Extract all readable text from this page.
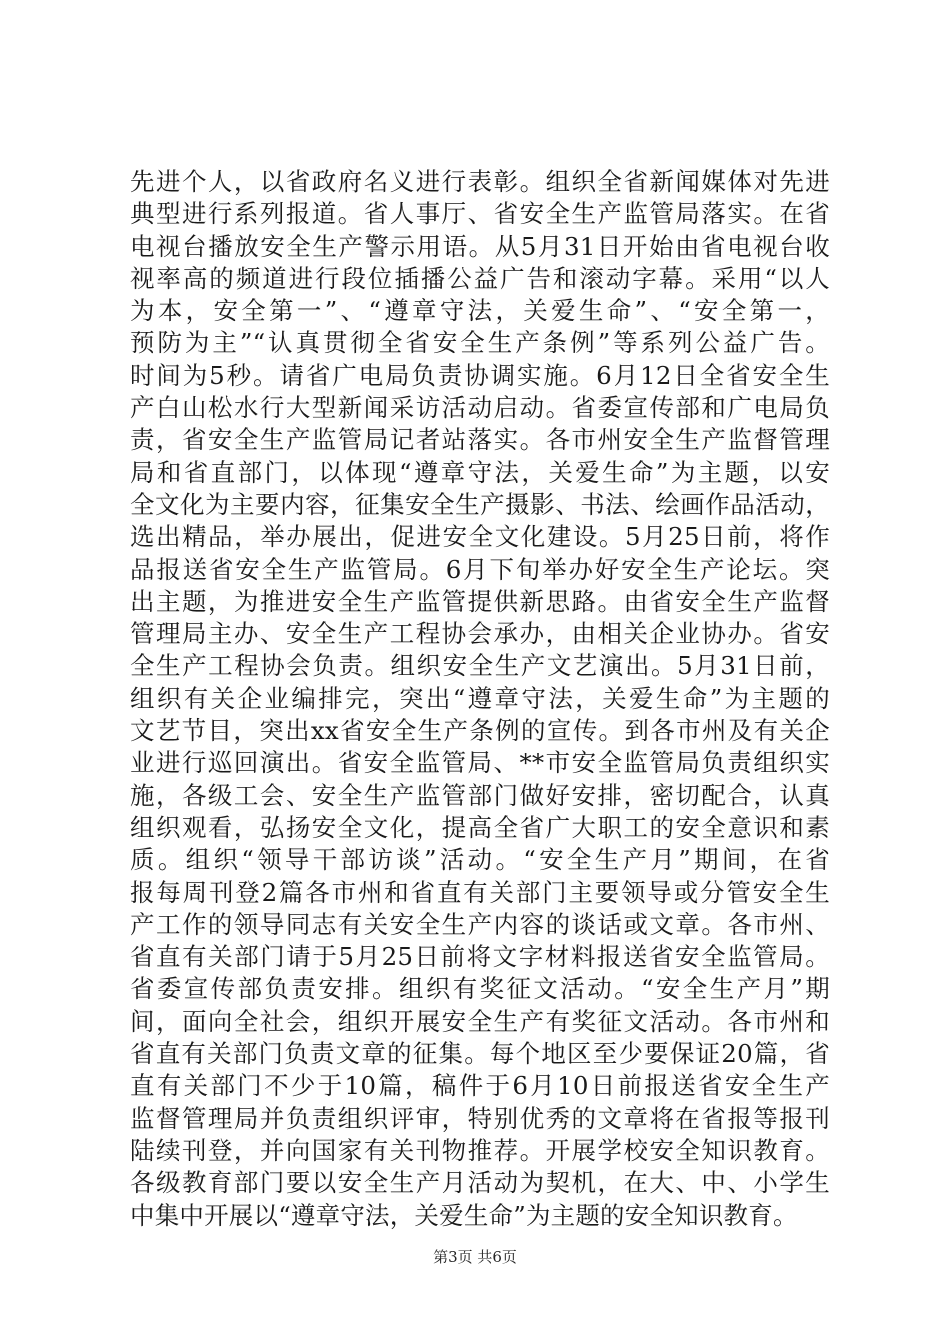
先进个人，以省政府名义进行表彰。组织全省新闻媒体对先进
典型进行系列报道。省人事厅、省安全生产监管局落实。在省
电视台播放安全生产警示用语。从5月31日开始由省电视台收
视率高的频道进行段位插播公益广告和滚动字幕。采用“以人
为本，安全第一”、“遵章守法，关爱生命”、“安全第一，
预防为主”“认真贯彻全省安全生产条例”等系列公益广告。
时间为5秒。请省广电局负责协调实施。6月12日全省安全生
产白山松水行大型新闻采访活动启动。省委宣传部和广电局负
责，省安全生产监管局记者站落实。各市州安全生产监督管理
局和省直部门，以体现“遵章守法，关爱生命”为主题，以安
全文化为主要内容，征集安全生产摄影、书法、绘画作品活动，
选出精品，举办展出，促进安全文化建设。5月25日前，将作
品报送省安全生产监管局。6月下旬举办好安全生产论坛。突
出主题，为推进安全生产监管提供新思路。由省安全生产监督
管理局主办、安全生产工程协会承办，由相关企业协办。省安
全生产工程协会负责。组织安全生产文艺演出。5月31日前，
组织有关企业编排完，突出“遵章守法，关爱生命”为主题的
文艺节目，突出xx省安全生产条例的宣传。到各市州及有关企
业进行巡回演出。省安全监管局、**市安全监管局负责组织实
施，各级工会、安全生产监管部门做好安排，密切配合，认真
组织观看，弘扬安全文化，提高全省广大职工的安全意识和素
质。组织“领导干部访谈”活动。“安全生产月”期间，在省
报每周刊登2篇各市州和省直有关部门主要领导或分管安全生
产工作的领导同志有关安全生产内容的谈话或文章。各市州、
省直有关部门请于5月25日前将文字材料报送省安全监管局。
省委宣传部负责安排。组织有奖征文活动。“安全生产月”期
间，面向全社会，组织开展安全生产有奖征文活动。各市州和
省直有关部门负责文章的征集。每个地区至少要保证20篇，省
直有关部门不少于10篇，稿件于6月10日前报送省安全生产
监督管理局并负责组织评审，特别优秀的文章将在省报等报刊
陆续刊登，并向国家有关刊物推荐。开展学校安全知识教育。
各级教育部门要以安全生产月活动为契机，在大、中、小学生
中集中开展以“遵章守法，关爱生命”为主题的安全知识教育。
第3页 共6页
